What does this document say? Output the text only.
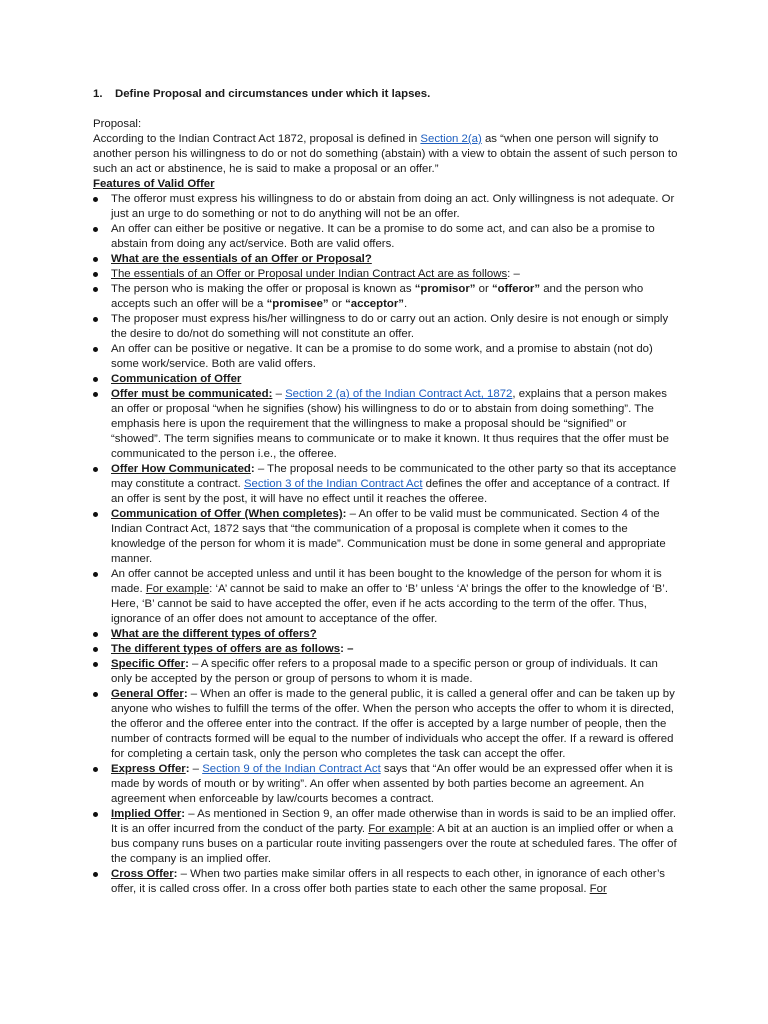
1. Define Proposal and circumstances under which it lapses.

Proposal:

According to the Indian Contract Act 1872, proposal is defined in Section 2(a) as “when one person will signify to another person his willingness to do or not do something (abstain) with a view to obtain the assent of such person to such an act or abstinence, he is said to make a proposal or an offer.”

Features of Valid Offer

The offeror must express his willingness to do or abstain from doing an act. Only willingness is not adequate. Or just an urge to do something or not to do anything will not be an offer.
An offer can either be positive or negative. It can be a promise to do some act, and can also be a promise to abstain from doing any act/service. Both are valid offers.
What are the essentials of an Offer or Proposal?
The essentials of an Offer or Proposal under Indian Contract Act are as follows: –
The person who is making the offer or proposal is known as “promisor” or “offeror” and the person who accepts such an offer will be a “promisee” or “acceptor”.
The proposer must express his/her willingness to do or carry out an action. Only desire is not enough or simply the desire to do/not do something will not constitute an offer.
An offer can be positive or negative. It can be a promise to do some work, and a promise to abstain (not do) some work/service. Both are valid offers.
Communication of Offer
Offer must be communicated: – Section 2 (a) of the Indian Contract Act, 1872, explains that a person makes an offer or proposal “when he signifies (show) his willingness to do or to abstain from doing something”. The emphasis here is upon the requirement that the willingness to make a proposal should be “signified” or “showed”. The term signifies means to communicate or to make it known. It thus requires that the offer must be communicated to the person i.e., the offeree.
Offer How Communicated: – The proposal needs to be communicated to the other party so that its acceptance may constitute a contract. Section 3 of the Indian Contract Act defines the offer and acceptance of a contract. If an offer is sent by the post, it will have no effect until it reaches the offeree.
Communication of Offer (When completes): – An offer to be valid must be communicated. Section 4 of the Indian Contract Act, 1872 says that “the communication of a proposal is complete when it comes to the knowledge of the person for whom it is made”. Communication must be done in some general and appropriate manner.
An offer cannot be accepted unless and until it has been bought to the knowledge of the person for whom it is made. For example: ‘A’ cannot be said to make an offer to ‘B’ unless ‘A’ brings the offer to the knowledge of ‘B’. Here, ‘B’ cannot be said to have accepted the offer, even if he acts according to the term of the offer. Thus, ignorance of an offer does not amount to acceptance of the offer.
What are the different types of offers?
The different types of offers are as follows: –
Specific Offer: – A specific offer refers to a proposal made to a specific person or group of individuals. It can only be accepted by the person or group of persons to whom it is made.
General Offer: – When an offer is made to the general public, it is called a general offer and can be taken up by anyone who wishes to fulfill the terms of the offer. When the person who accepts the offer to whom it is directed, the offeror and the offeree enter into the contract. If the offer is accepted by a large number of people, then the number of contracts formed will be equal to the number of individuals who accept the offer. If a reward is offered for completing a certain task, only the person who completes the task can accept the offer.
Express Offer: – Section 9 of the Indian Contract Act says that “An offer would be an expressed offer when it is made by words of mouth or by writing”. An offer when assented by both parties become an agreement. An agreement when enforceable by law/courts becomes a contract.
Implied Offer: – As mentioned in Section 9, an offer made otherwise than in words is said to be an implied offer. It is an offer incurred from the conduct of the party. For example: A bit at an auction is an implied offer or when a bus company runs buses on a particular route inviting passengers over the route at scheduled fares. The offer of the company is an implied offer.
Cross Offer: – When two parties make similar offers in all respects to each other, in ignorance of each other’s offer, it is called cross offer. In a cross offer both parties state to each other the same proposal. For
